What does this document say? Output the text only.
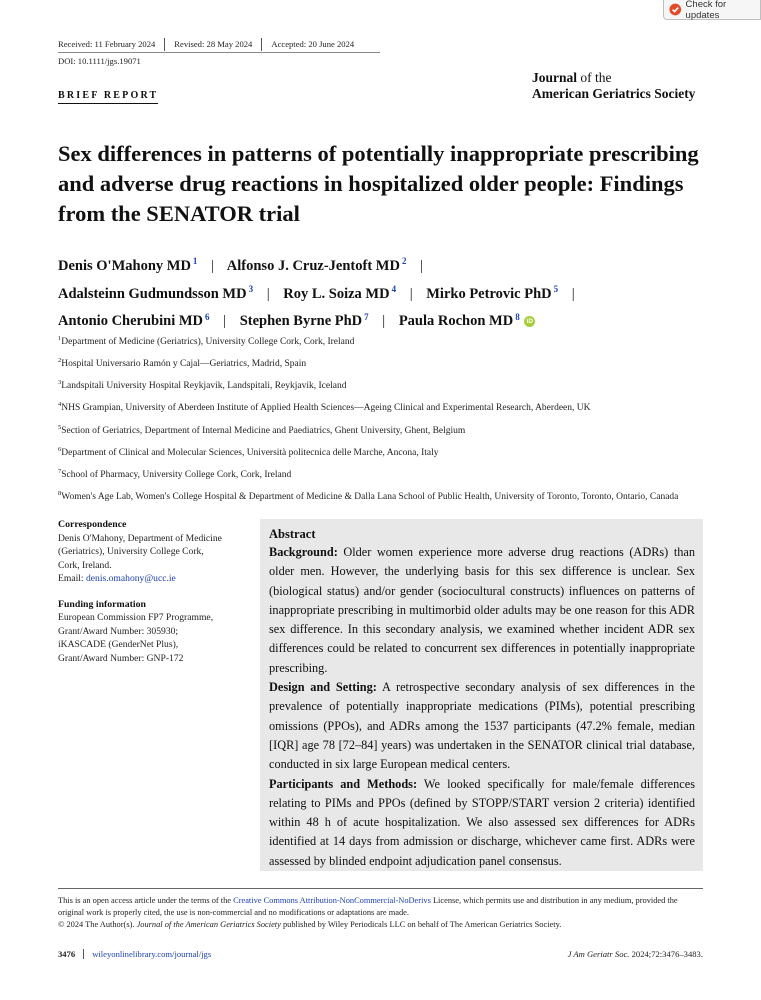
Check for updates
Received: 11 February 2024	Revised: 28 May 2024	Accepted: 20 June 2024
DOI: 10.1111/jgs.19071
BRIEF REPORT
Journal of the
American Geriatrics Society
Sex differences in patterns of potentially inappropriate prescribing and adverse drug reactions in hospitalized older people: Findings from the SENATOR trial
Denis O'Mahony MD $^1$ | Alfonso J. Cruz-Jentoft MD $^2$ |
Adalsteinn Gudmundsson MD $^3$ | Roy L. Soiza MD $^4$ | Mirko Petrovic PhD $^5$ |
Antonio Cherubini MD $^6$ | Stephen Byrne PhD $^7$ | Paula Rochon MD $^8$ iD
$^1$Department of Medicine (Geriatrics), University College Cork, Cork, Ireland
$^2$Hospital Universario Ramón y Cajal—Geriatrics, Madrid, Spain
$^3$Landspitali University Hospital Reykjavik, Landspitali, Reykjavik, Iceland
$^4$NHS Grampian, University of Aberdeen Institute of Applied Health Sciences—Ageing Clinical and Experimental Research, Aberdeen, UK
$^5$Section of Geriatrics, Department of Internal Medicine and Paediatrics, Ghent University, Ghent, Belgium
$^6$Department of Clinical and Molecular Sciences, Università politecnica delle Marche, Ancona, Italy
$^7$School of Pharmacy, University College Cork, Cork, Ireland
$^8$Women's Age Lab, Women's College Hospital & Department of Medicine & Dalla Lana School of Public Health, University of Toronto, Toronto, Ontario, Canada
Correspondence
Denis O'Mahony, Department of Medicine
(Geriatrics), University College Cork,
Cork, Ireland.
Email: denis.omahony@ucc.ie
Funding information
European Commission FP7 Programme,
Grant/Award Number: 305930;
iKASCADE (GenderNet Plus),
Grant/Award Number: GNP-172
Abstract

Background: Older women experience more adverse drug reactions (ADRs) than older men. However, the underlying basis for this sex difference is unclear. Sex (biological status) and/or gender (sociocultural constructs) influences on patterns of inappropriate prescribing in multimorbid older adults may be one reason for this ADR sex difference. In this secondary analysis, we examined whether incident ADR sex differences could be related to concurrent sex differences in potentially inappropriate prescribing.

Design and Setting: A retrospective secondary analysis of sex differences in the prevalence of potentially inappropriate medications (PIMs), potential prescribing omissions (PPOs), and ADRs among the 1537 participants (47.2% female, median [IQR] age 78 [72–84] years) was undertaken in the SENATOR clinical trial database, conducted in six large European medical centers.

Participants and Methods: We looked specifically for male/female differences relating to PIMs and PPOs (defined by STOPP/START version 2 criteria) identified within 48 h of acute hospitalization. We also assessed sex differences for ADRs identified at 14 days from admission or discharge, whichever came first. ADRs were assessed by blinded endpoint adjudication panel consensus.

This is an open access article under the terms of the Creative Commons Attribution-NonCommercial-NoDerivs License, which permits use and distribution in any medium, provided the original work is properly cited, the use is non-commercial and no modifications or adaptations are made.
© 2024 The Author(s). Journal of the American Geriatrics Society published by Wiley Periodicals LLC on behalf of The American Geriatrics Society.
3476	wileyonlinelibrary.com/journal/jgs	J Am Geriatr Soc. 2024;72:3476–3483.
